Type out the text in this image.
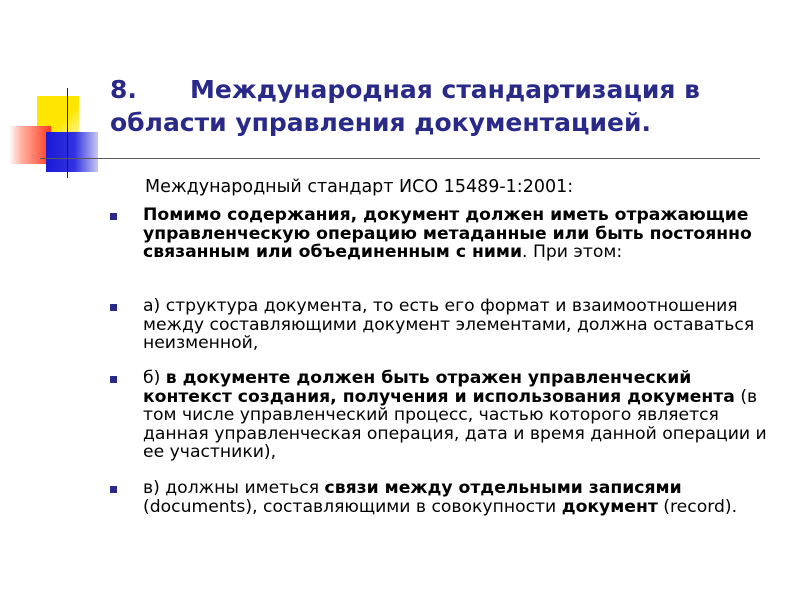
8. Международная стандартизация в области управления документацией.
Международный стандарт ИСО 15489-1:2001:
Помимо содержания, документ должен иметь отражающие управленческую операцию метаданные или быть постоянно связанным или объединенным с ними. При этом:
а) структура документа, то есть его формат и взаимоотношения между составляющими документ элементами, должна оставаться неизменной,
б) в документе должен быть отражен управленческий контекст создания, получения и использования документа (в том числе управленческий процесс, частью которого является данная управленческая операция, дата и время данной операции и ее участники),
в) должны иметься связи между отдельными записями (documents), составляющими в совокупности документ (record).
